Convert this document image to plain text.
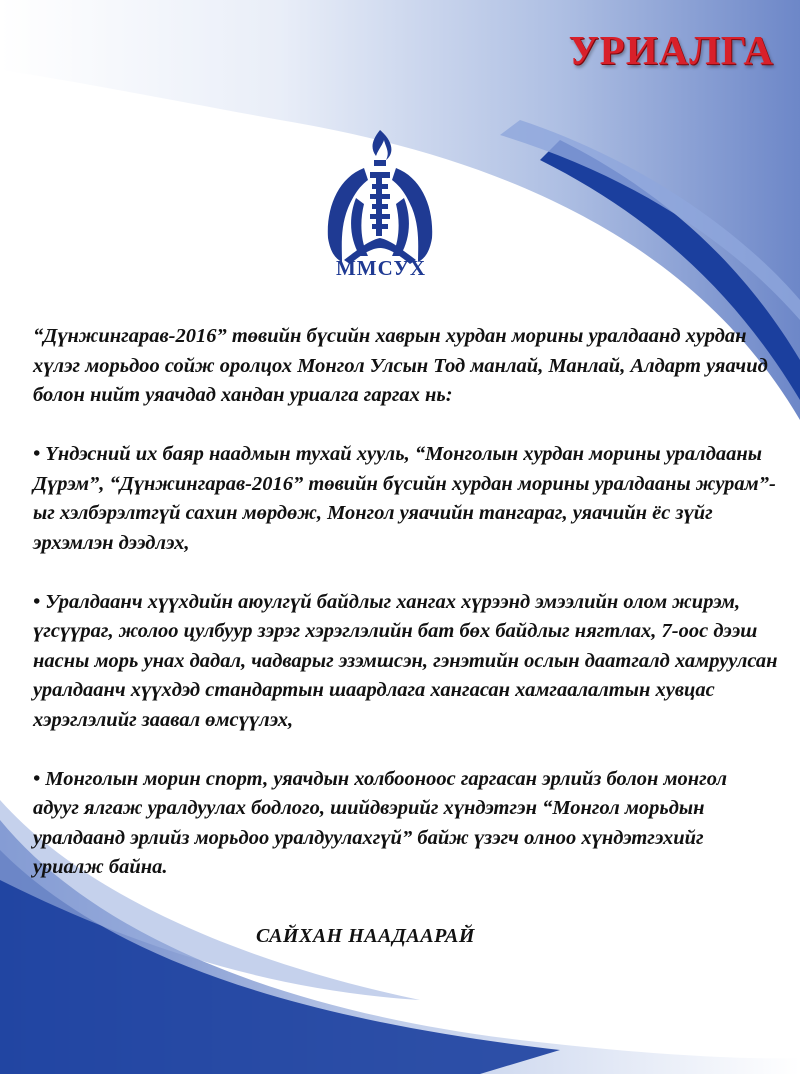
УРИАЛГА
ММСУХ

“Дүнжингарав-2016” төвийн бүсийн хаврын хурдан морины уралдаанд хурдан хүлэг морьдоо сойж оролцох Монгол Улсын Тод манлай, Манлай, Алдарт уяачид болон нийт уяачдад хандан уриалга гаргах нь:

• Үндэсний их баяр наадмын тухай хууль, “Монголын хурдан морины уралдааны Дүрэм”, “Дүнжингарав-2016” төвийн бүсийн хурдан морины уралдааны журам”-ыг хэлбэрэлтгүй сахин мөрдөж, Монгол уяачийн тангараг, уяачийн ёс зүйг эрхэмлэн дээдлэх,

• Уралдаанч хүүхдийн аюулгүй байдлыг хангах хүрээнд эмээлийн олом жирэм, үгсүүраг, жолоо цулбуур зэрэг хэрэглэлийн бат бөх байдлыг нягтлах, 7-оос дээш насны морь унах дадал, чадварыг эзэмшсэн, гэнэтийн ослын даатгалд хамруулсан уралдаанч хүүхдэд стандартын шаардлага хангасан хамгаалалтын хувцас хэрэглэлийг заавал өмсүүлэх,

• Монголын морин спорт, уяачдын холбооноос гаргасан эрлийз болон монгол адууг ялгаж уралдуулах бодлого, шийдвэрийг хүндэтгэн “Монгол морьдын уралдаанд эрлийз морьдоо уралдуулахгүй” байж үзэгч олноо хүндэтгэхийг уриалж байна.

САЙХАН НААДААРАЙ
